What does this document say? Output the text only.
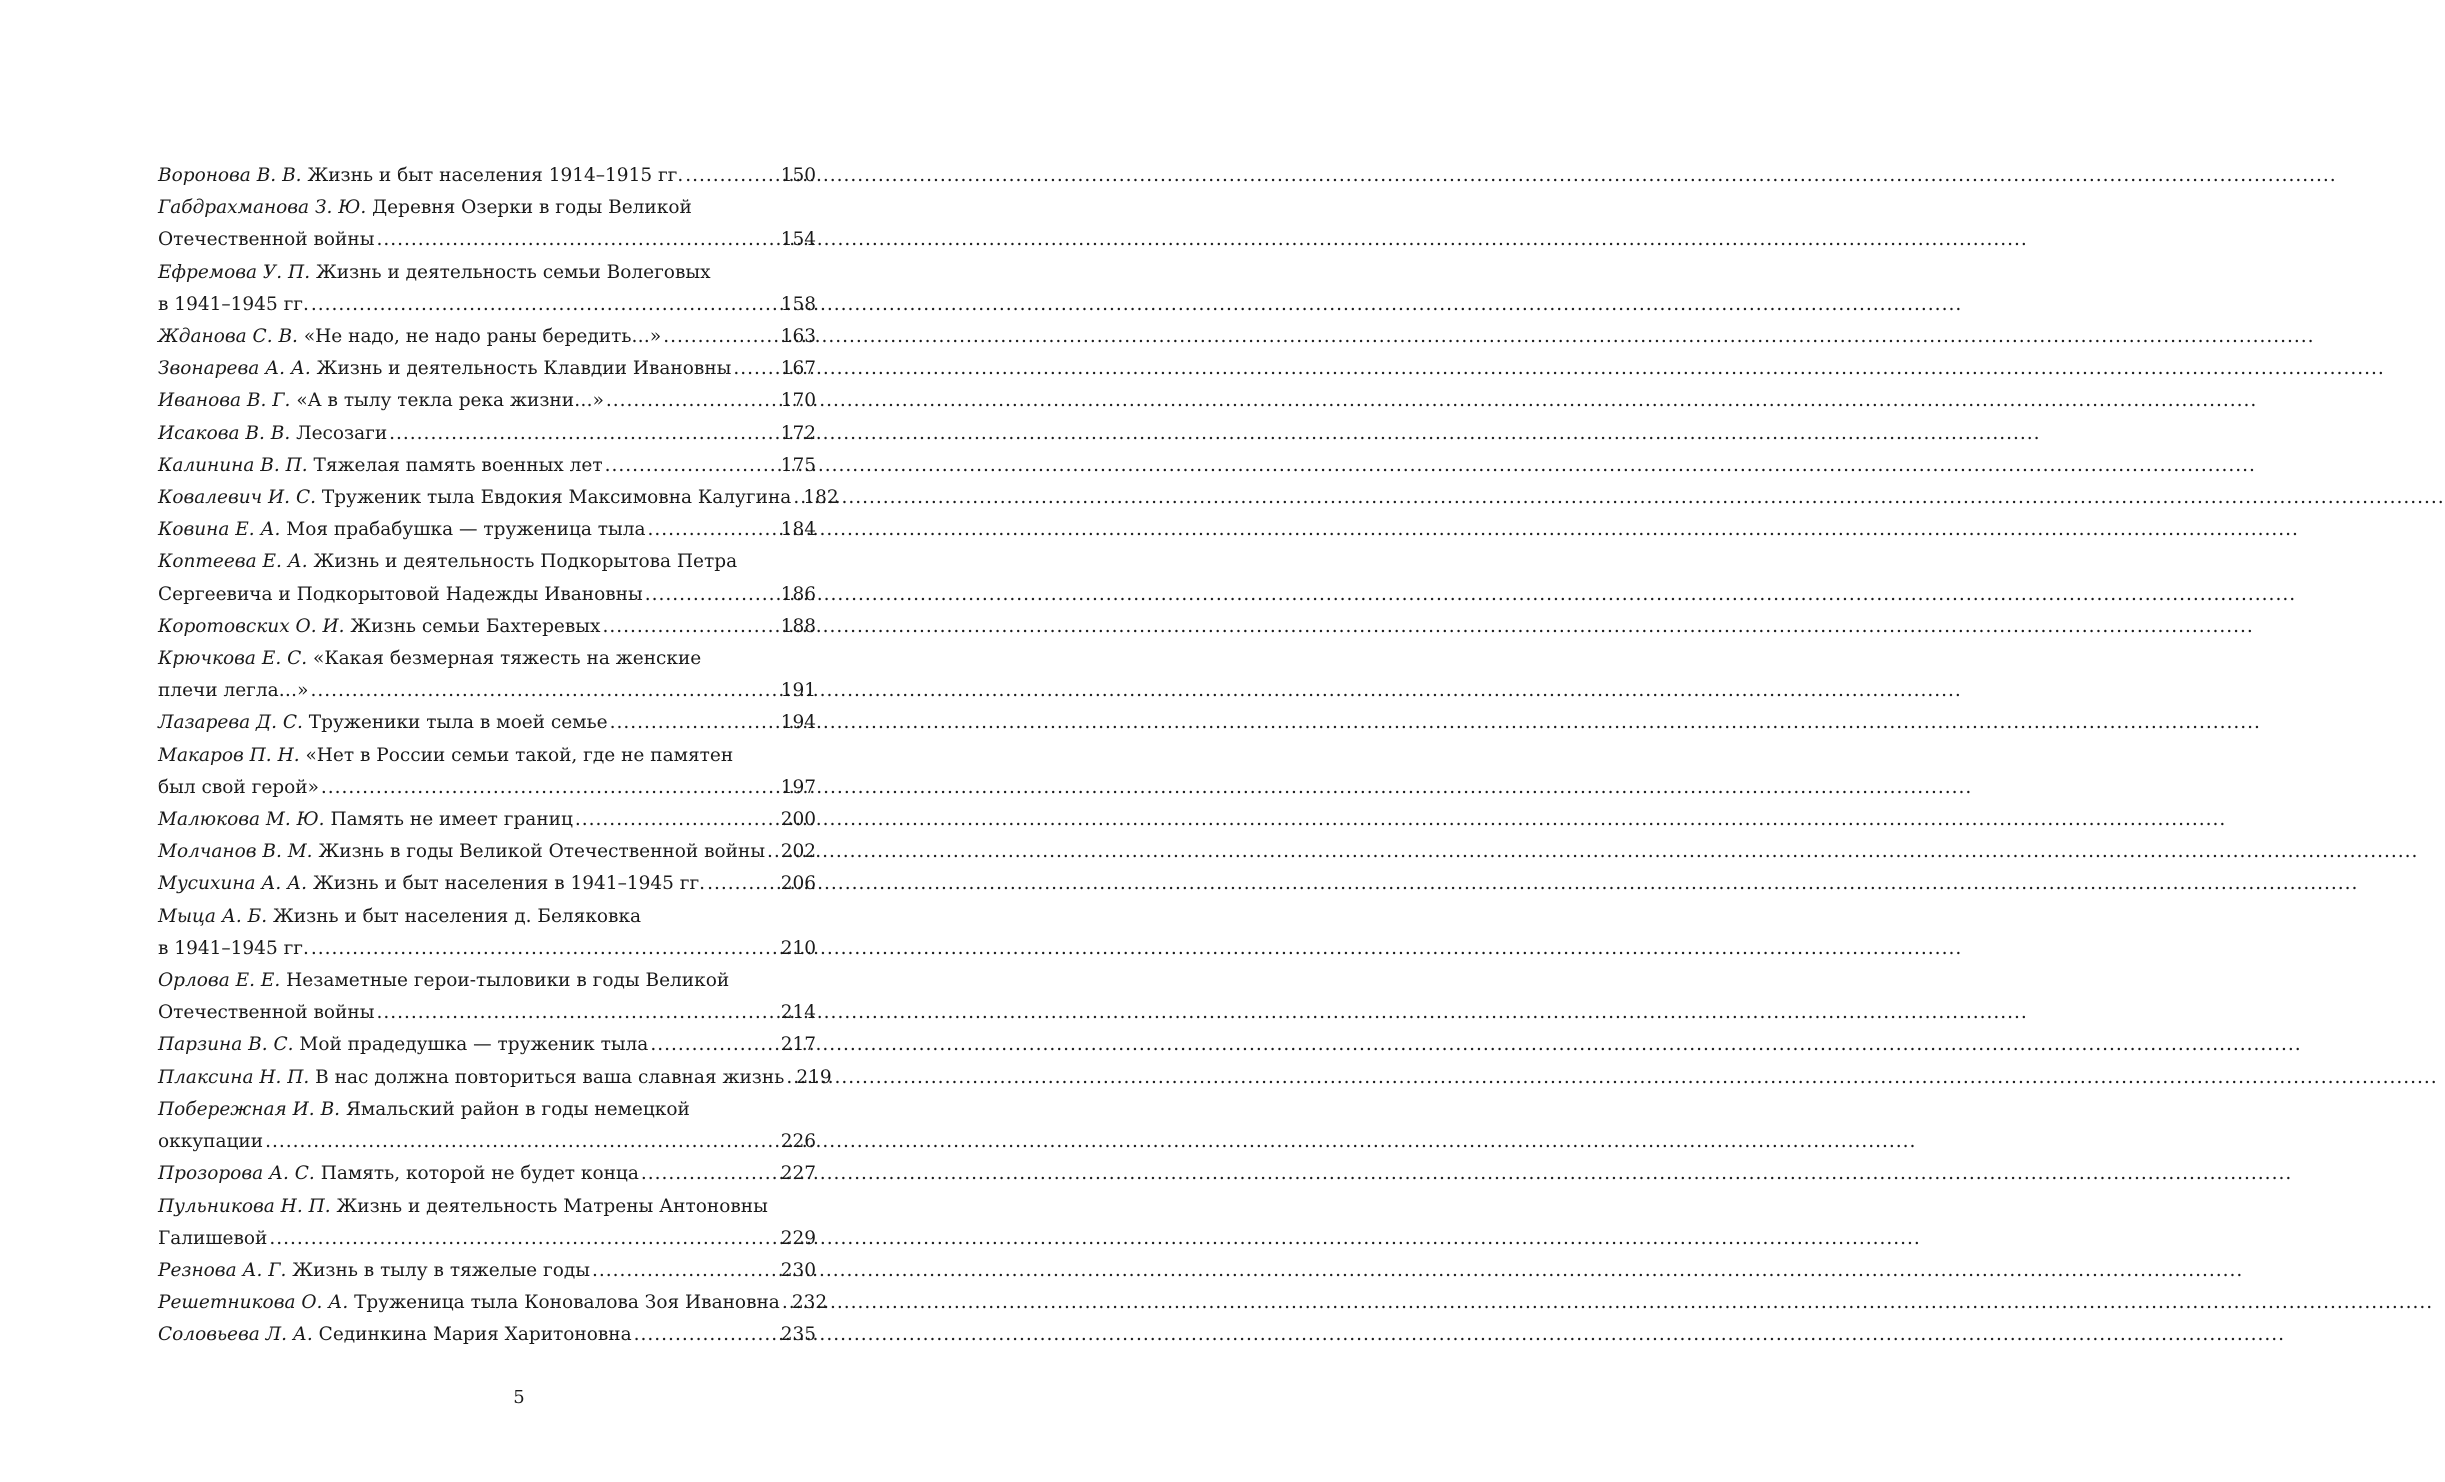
Воронова В. В.
Жизнь и быт населения 1914–1915 гг. .....	150
Габдрахманова З. Ю.
Деревня Озерки в годы Великой
Отечественной войны .....	154
Ефремова У. П.
Жизнь и деятельность семьи Волеговых
в 1941–1945 гг. .....	158
Жданова С. В.
«Не надо, не надо раны бередить…» .....	163
Звонарева А. А.
Жизнь и деятельность Клавдии Ивановны .....	167
Иванова В. Г.
«А в тылу текла река жизни…» .....	170
Исакова В. В.
Лесозаги .....	172
Калинина В. П.
Тяжелая память военных лет .....	175
Ковалевич И. С.
Труженик тыла Евдокия Максимовна Калугина ..... 182
Ковина Е. А.
Моя прабабушка — труженица тыла .....	184
Коптеева Е. А.
Жизнь и деятельность Подкорытова Петра
Сергеевича и Подкорытовой Надежды Ивановны .....	186
Коротовских О. И.
Жизнь семьи Бахтеревых .....	188
Крючкова Е. С.
«Какая безмерная тяжесть на женские
плечи легла…» .....	191
Лазарева Д. С.
Труженики тыла в моей семье .....	194
Макаров П. Н.
«Нет в России семьи такой, где не памятен
был свой герой» .....	197
Малюкова М. Ю.
Память не имеет границ .....	200
Молчанов В. М.
Жизнь в годы Великой Отечественной войны ..... 202
Мусихина А. А.
Жизнь и быт населения в 1941–1945 гг. .....	206
Мыца А. Б.
Жизнь и быт населения д. Беляковка
в 1941–1945 гг. .....	210
Орлова Е. Е.
Незаметные герои-тыловики в годы Великой
Отечественной войны .....	214
Парзина В. С.
Мой прадедушка — труженик тыла .....	217
Плаксина Н. П.
В нас должна повториться ваша славная жизнь ..... 219
Побережная И. В.
Ямальский район в годы немецкой
оккупации .....	226
Прозорова А. С.
Память, которой не будет конца .....	227
Пульникова Н. П.
Жизнь и деятельность Матрены Антоновны
Галишевой .....	229
Резнова А. Г.
Жизнь в тылу в тяжелые годы .....	230
Решетникова О. А.
Труженица тыла Коновалова Зоя Ивановна ..... 232
Соловьева Л. А.
Сединкина Мария Харитоновна .....	235
5
